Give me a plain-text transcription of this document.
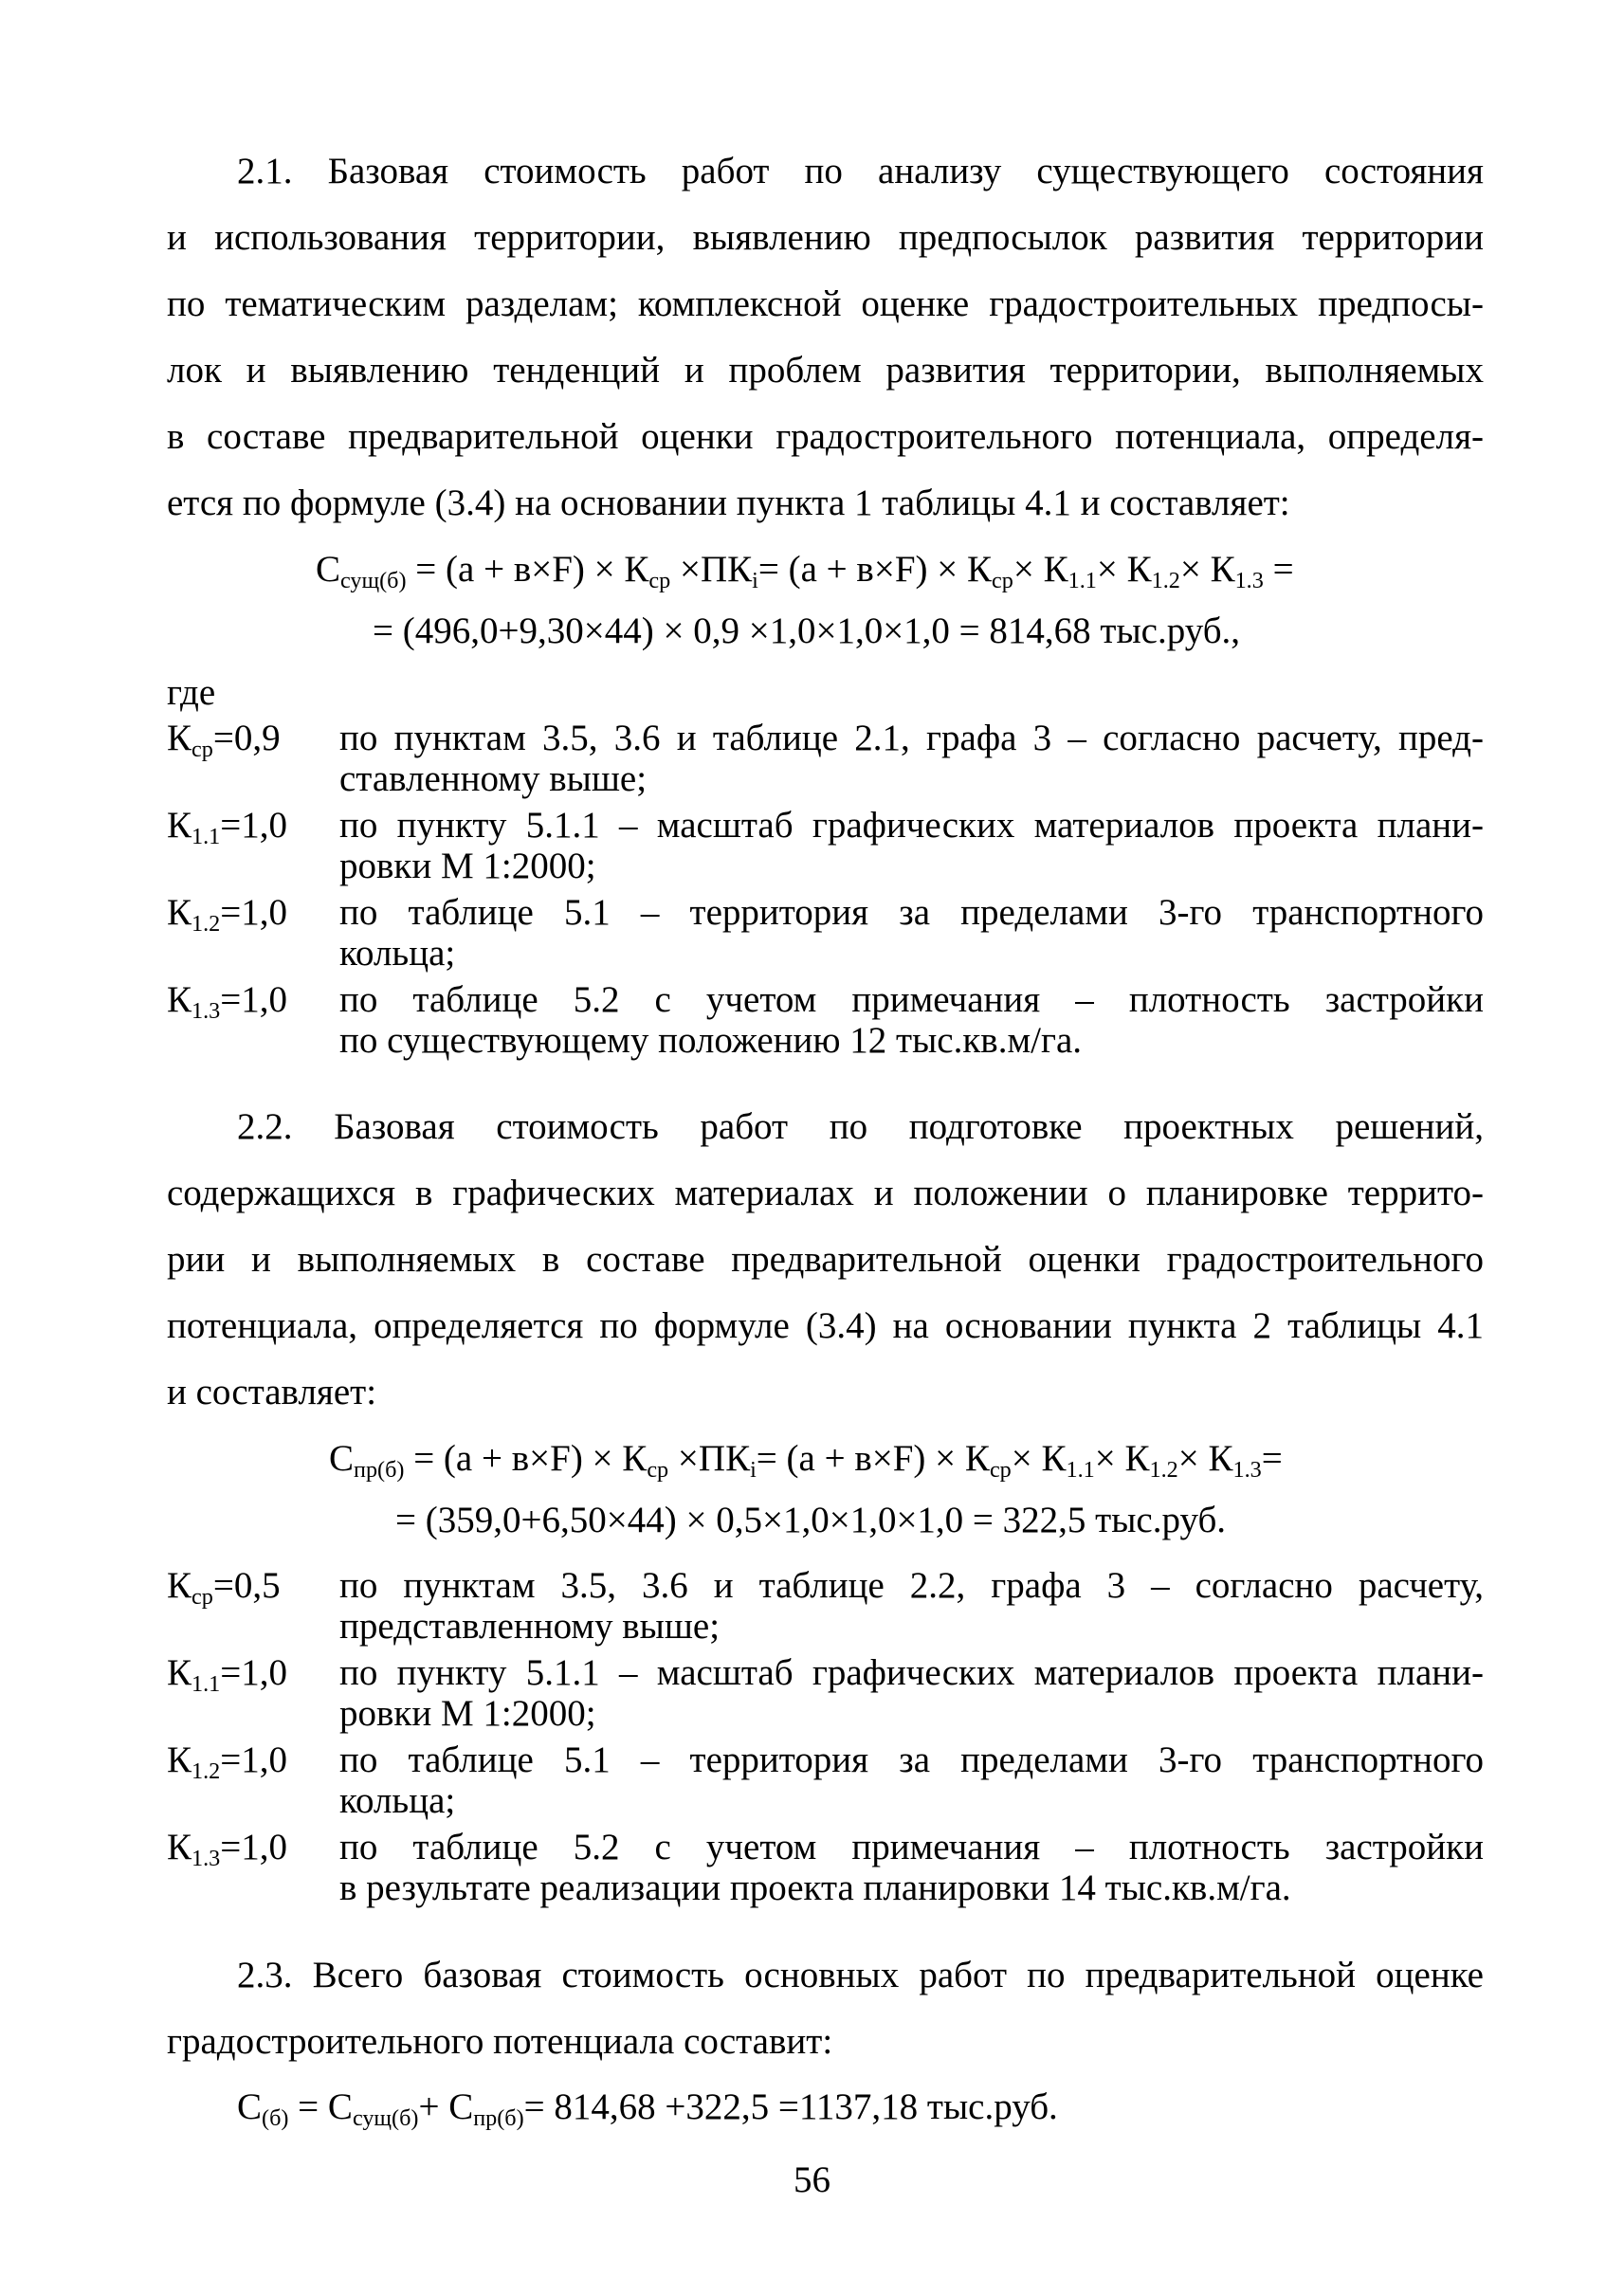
2.1. Базовая стоимость работ по анализу существующего состояния
и использования территории, выявлению предпосылок развития территории
по тематическим разделам; комплексной оценке градостроительных предпосы-
лок и выявлению тенденций и проблем развития территории, выполняемых
в составе предварительной оценки градостроительного потенциала, определя-
ется по формуле (3.4) на основании пункта 1 таблицы 4.1 и составляет:
$С_{сущ(б)} = (а + в\times F) \times К_{ср} \times ПК_i= (а + в\times F) \times К_{ср}\times К_{1.1}\times К_{1.2}\times К_{1.3}$ =
= (496,0+9,30×44) × 0,9 ×1,0×1,0×1,0 = 814,68 тыс.руб.,
где
$К_{ср}=0,9$ по пунктам 3.5, 3.6 и таблице 2.1, графа 3 – согласно расчету, пред-
ставленному выше;
$К_{1.1}=1,0$ по пункту 5.1.1 – масштаб графических материалов проекта плани-
ровки М 1:2000;
$К_{1.2}=1,0$ по таблице 5.1 – территория за пределами 3-го транспортного
кольца;
$К_{1.3}=1,0$ по таблице 5.2 с учетом примечания – плотность застройки
по существующему положению 12 тыс.кв.м/га.
2.2. Базовая стоимость работ по подготовке проектных решений,
содержащихся в графических материалах и положении о планировке террито-
рии и выполняемых в составе предварительной оценки градостроительного
потенциала, определяется по формуле (3.4) на основании пункта 2 таблицы 4.1
и составляет:
$С_{пр(б)} = (а + в\times F) \times К_{ср} \times ПК_i= (а + в\times F) \times К_{ср}\times К_{1.1}\times К_{1.2}\times К_{1.3}=$
= (359,0+6,50×44) × 0,5×1,0×1,0×1,0 = 322,5 тыс.руб.
$К_{ср}=0,5$ по пунктам 3.5, 3.6 и таблице 2.2, графа 3 – согласно расчету,
представленному выше;
$К_{1.1}=1,0$ по пункту 5.1.1 – масштаб графических материалов проекта плани-
ровки М 1:2000;
$К_{1.2}=1,0$ по таблице 5.1 – территория за пределами 3-го транспортного
кольца;
$К_{1.3}=1,0$ по таблице 5.2 с учетом примечания – плотность застройки
в результате реализации проекта планировки 14 тыс.кв.м/га.
2.3. Всего базовая стоимость основных работ по предварительной оценке
градостроительного потенциала составит:
$С_{(б)} = С_{сущ(б)}+ С_{пр(б)}= 814,68 +322,5 =1137,18$ тыс.руб.
56
